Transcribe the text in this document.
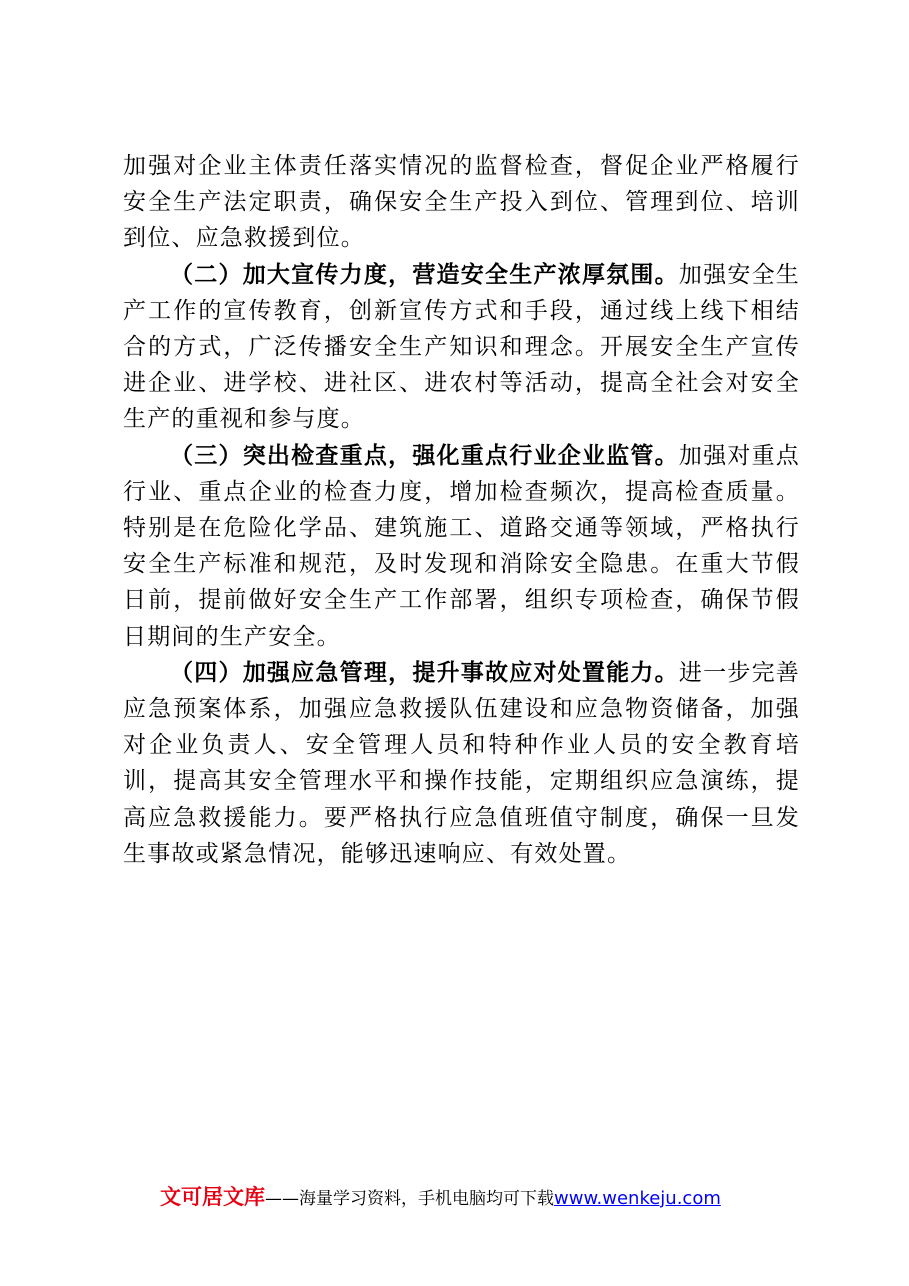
加强对企业主体责任落实情况的监督检查，督促企业严格履行安全生产法定职责，确保安全生产投入到位、管理到位、培训到位、应急救援到位。

（二）加大宣传力度，营造安全生产浓厚氛围。加强安全生产工作的宣传教育，创新宣传方式和手段，通过线上线下相结合的方式，广泛传播安全生产知识和理念。开展安全生产宣传进企业、进学校、进社区、进农村等活动，提高全社会对安全生产的重视和参与度。

（三）突出检查重点，强化重点行业企业监管。加强对重点行业、重点企业的检查力度，增加检查频次，提高检查质量。特别是在危险化学品、建筑施工、道路交通等领域，严格执行安全生产标准和规范，及时发现和消除安全隐患。在重大节假日前，提前做好安全生产工作部署，组织专项检查，确保节假日期间的生产安全。

（四）加强应急管理，提升事故应对处置能力。进一步完善应急预案体系，加强应急救援队伍建设和应急物资储备，加强对企业负责人、安全管理人员和特种作业人员的安全教育培训，提高其安全管理水平和操作技能，定期组织应急演练，提高应急救援能力。要严格执行应急值班值守制度，确保一旦发生事故或紧急情况，能够迅速响应、有效处置。

文可居文库——海量学习资料，手机电脑均可下载www.wenkeju.com
